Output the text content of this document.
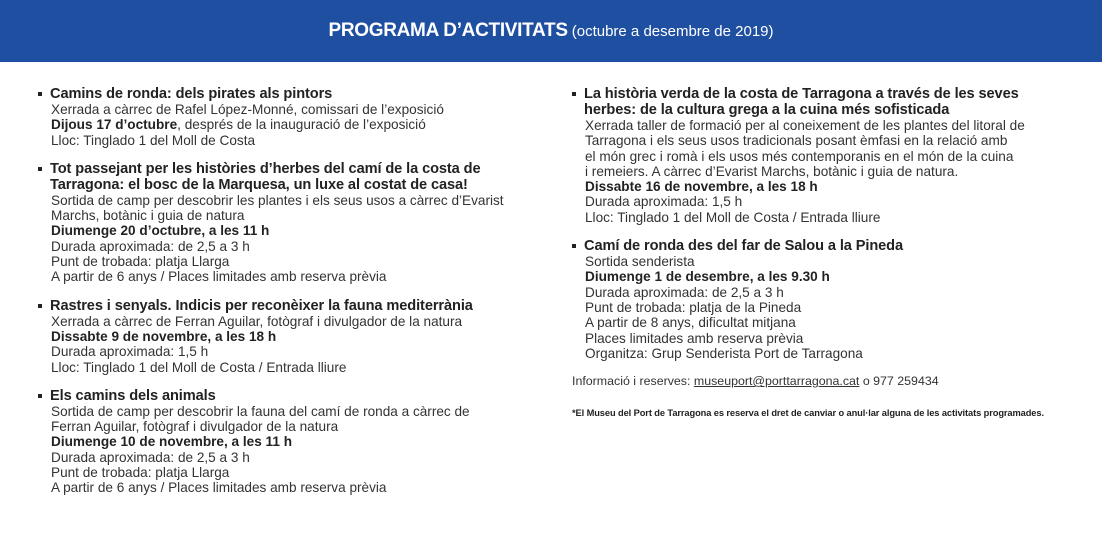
PROGRAMA D’ACTIVITATS (octubre a desembre de 2019)
Camins de ronda: dels pirates als pintors
Xerrada a càrrec de Rafel López-Monné, comissari de l’exposició
Dijous 17 d’octubre, després de la inauguració de l’exposició
Lloc: Tinglado 1 del Moll de Costa
Tot passejant per les històries d’herbes del camí de la costa de
Tarragona: el bosc de la Marquesa, un luxe al costat de casa!
Sortida de camp per descobrir les plantes i els seus usos a càrrec d’Evarist
Marchs, botànic i guia de natura
Diumenge 20 d’octubre, a les 11 h
Durada aproximada: de 2,5 a 3 h
Punt de trobada: platja Llarga
A partir de 6 anys / Places limitades amb reserva prèvia
Rastres i senyals. Indicis per reconèixer la fauna mediterrània
Xerrada a càrrec de Ferran Aguilar, fotògraf i divulgador de la natura
Dissabte 9 de novembre, a les 18 h
Durada aproximada: 1,5 h
Lloc: Tinglado 1 del Moll de Costa / Entrada lliure
Els camins dels animals
Sortida de camp per descobrir la fauna del camí de ronda a càrrec de
Ferran Aguilar, fotògraf i divulgador de la natura
Diumenge 10 de novembre, a les 11 h
Durada aproximada: de 2,5 a 3 h
Punt de trobada: platja Llarga
A partir de 6 anys / Places limitades amb reserva prèvia
La història verda de la costa de Tarragona a través de les seves
herbes: de la cultura grega a la cuina més sofisticada
Xerrada taller de formació per al coneixement de les plantes del litoral de
Tarragona i els seus usos tradicionals posant èmfasi en la relació amb
el món grec i romà i els usos més contemporanis en el món de la cuina
i remeiers. A càrrec d’Evarist Marchs, botànic i guia de natura.
Dissabte 16 de novembre, a les 18 h
Durada aproximada: 1,5 h
Lloc: Tinglado 1 del Moll de Costa / Entrada lliure
Camí de ronda des del far de Salou a la Pineda
Sortida senderista
Diumenge 1 de desembre, a les 9.30 h
Durada aproximada: de 2,5 a 3 h
Punt de trobada: platja de la Pineda
A partir de 8 anys, dificultat mitjana
Places limitades amb reserva prèvia
Organitza: Grup Senderista Port de Tarragona
Informació i reserves: museuport@porttarragona.cat o 977 259434
*El Museu del Port de Tarragona es reserva el dret de canviar o anul·lar alguna de les activitats programades.
